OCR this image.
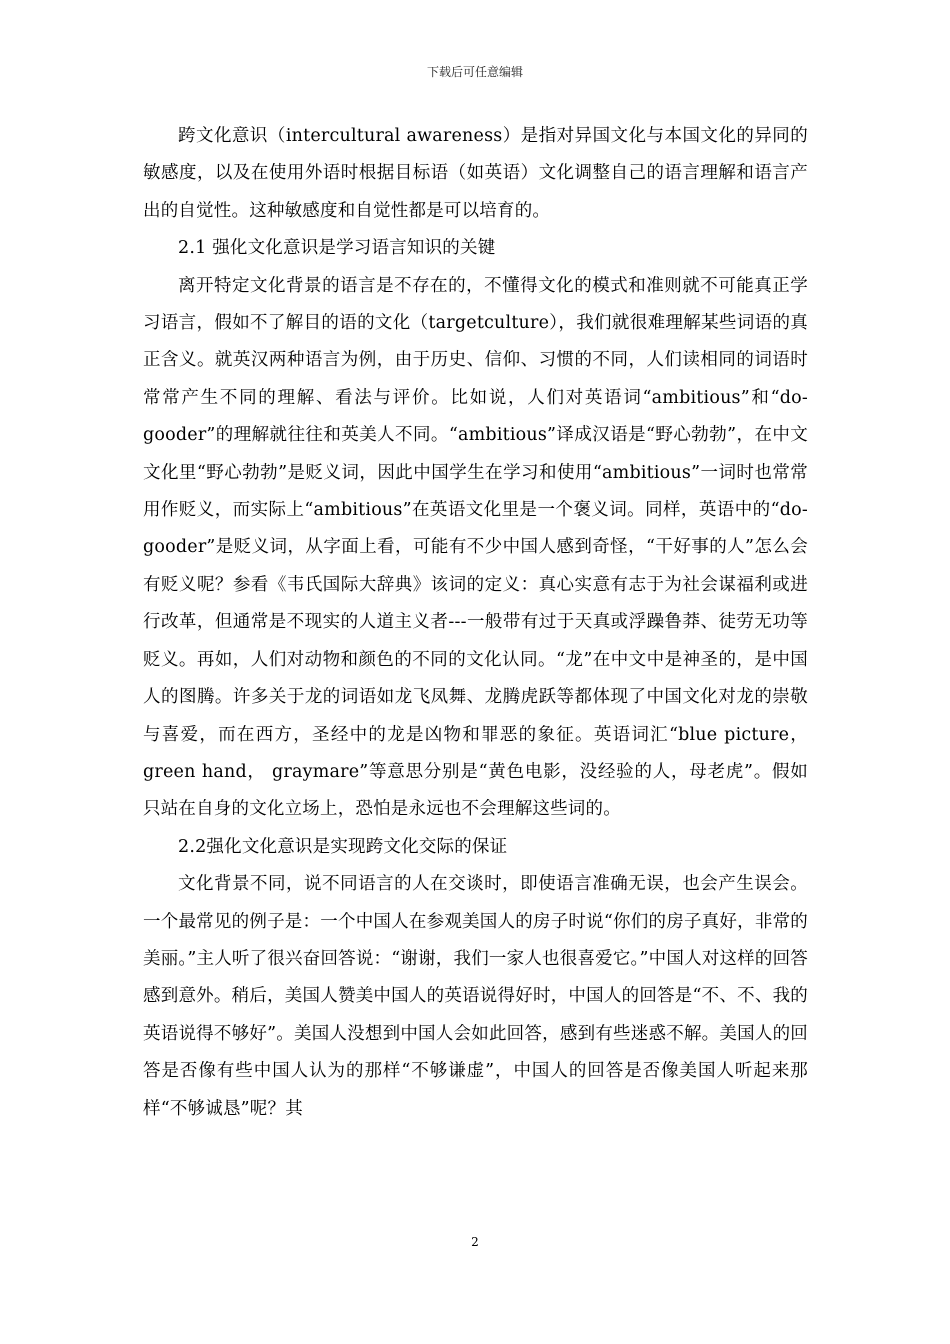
下载后可任意编辑

跨文化意识（intercultural awareness）是指对异国文化与本国文化的异同的敏感度，以及在使用外语时根据目标语（如英语）文化调整自己的语言理解和语言产出的自觉性。这种敏感度和自觉性都是可以培育的。

2.1 强化文化意识是学习语言知识的关键

离开特定文化背景的语言是不存在的，不懂得文化的模式和准则就不可能真正学习语言，假如不了解目的语的文化（targetculture），我们就很难理解某些词语的真正含义。就英汉两种语言为例，由于历史、信仰、习惯的不同，人们读相同的词语时常常产生不同的理解、看法与评价。比如说，人们对英语词“ambitious”和“do-gooder”的理解就往往和英美人不同。“ambitious”译成汉语是“野心勃勃”，在中文文化里“野心勃勃”是贬义词，因此中国学生在学习和使用“ambitious”一词时也常常用作贬义，而实际上“ambitious”在英语文化里是一个褒义词。同样，英语中的“do-gooder”是贬义词，从字面上看，可能有不少中国人感到奇怪，“干好事的人”怎么会有贬义呢？参看《韦氏国际大辞典》该词的定义：真心实意有志于为社会谋福利或进行改革，但通常是不现实的人道主义者---一般带有过于天真或浮躁鲁莽、徒劳无功等贬义。再如，人们对动物和颜色的不同的文化认同。“龙”在中文中是神圣的，是中国人的图腾。许多关于龙的词语如龙飞凤舞、龙腾虎跃等都体现了中国文化对龙的崇敬与喜爱，而在西方，圣经中的龙是凶物和罪恶的象征。英语词汇“blue picture， green hand， graymare”等意思分别是“黄色电影，没经验的人，母老虎”。假如只站在自身的文化立场上，恐怕是永远也不会理解这些词的。

2.2强化文化意识是实现跨文化交际的保证

文化背景不同，说不同语言的人在交谈时，即使语言准确无误，也会产生误会。一个最常见的例子是：一个中国人在参观美国人的房子时说“你们的房子真好，非常的美丽。”主人听了很兴奋回答说：“谢谢，我们一家人也很喜爱它。”中国人对这样的回答感到意外。稍后，美国人赞美中国人的英语说得好时，中国人的回答是“不、不、我的英语说得不够好”。美国人没想到中国人会如此回答，感到有些迷惑不解。美国人的回答是否像有些中国人认为的那样“不够谦虚”，中国人的回答是否像美国人听起来那样“不够诚恳”呢？其

2
